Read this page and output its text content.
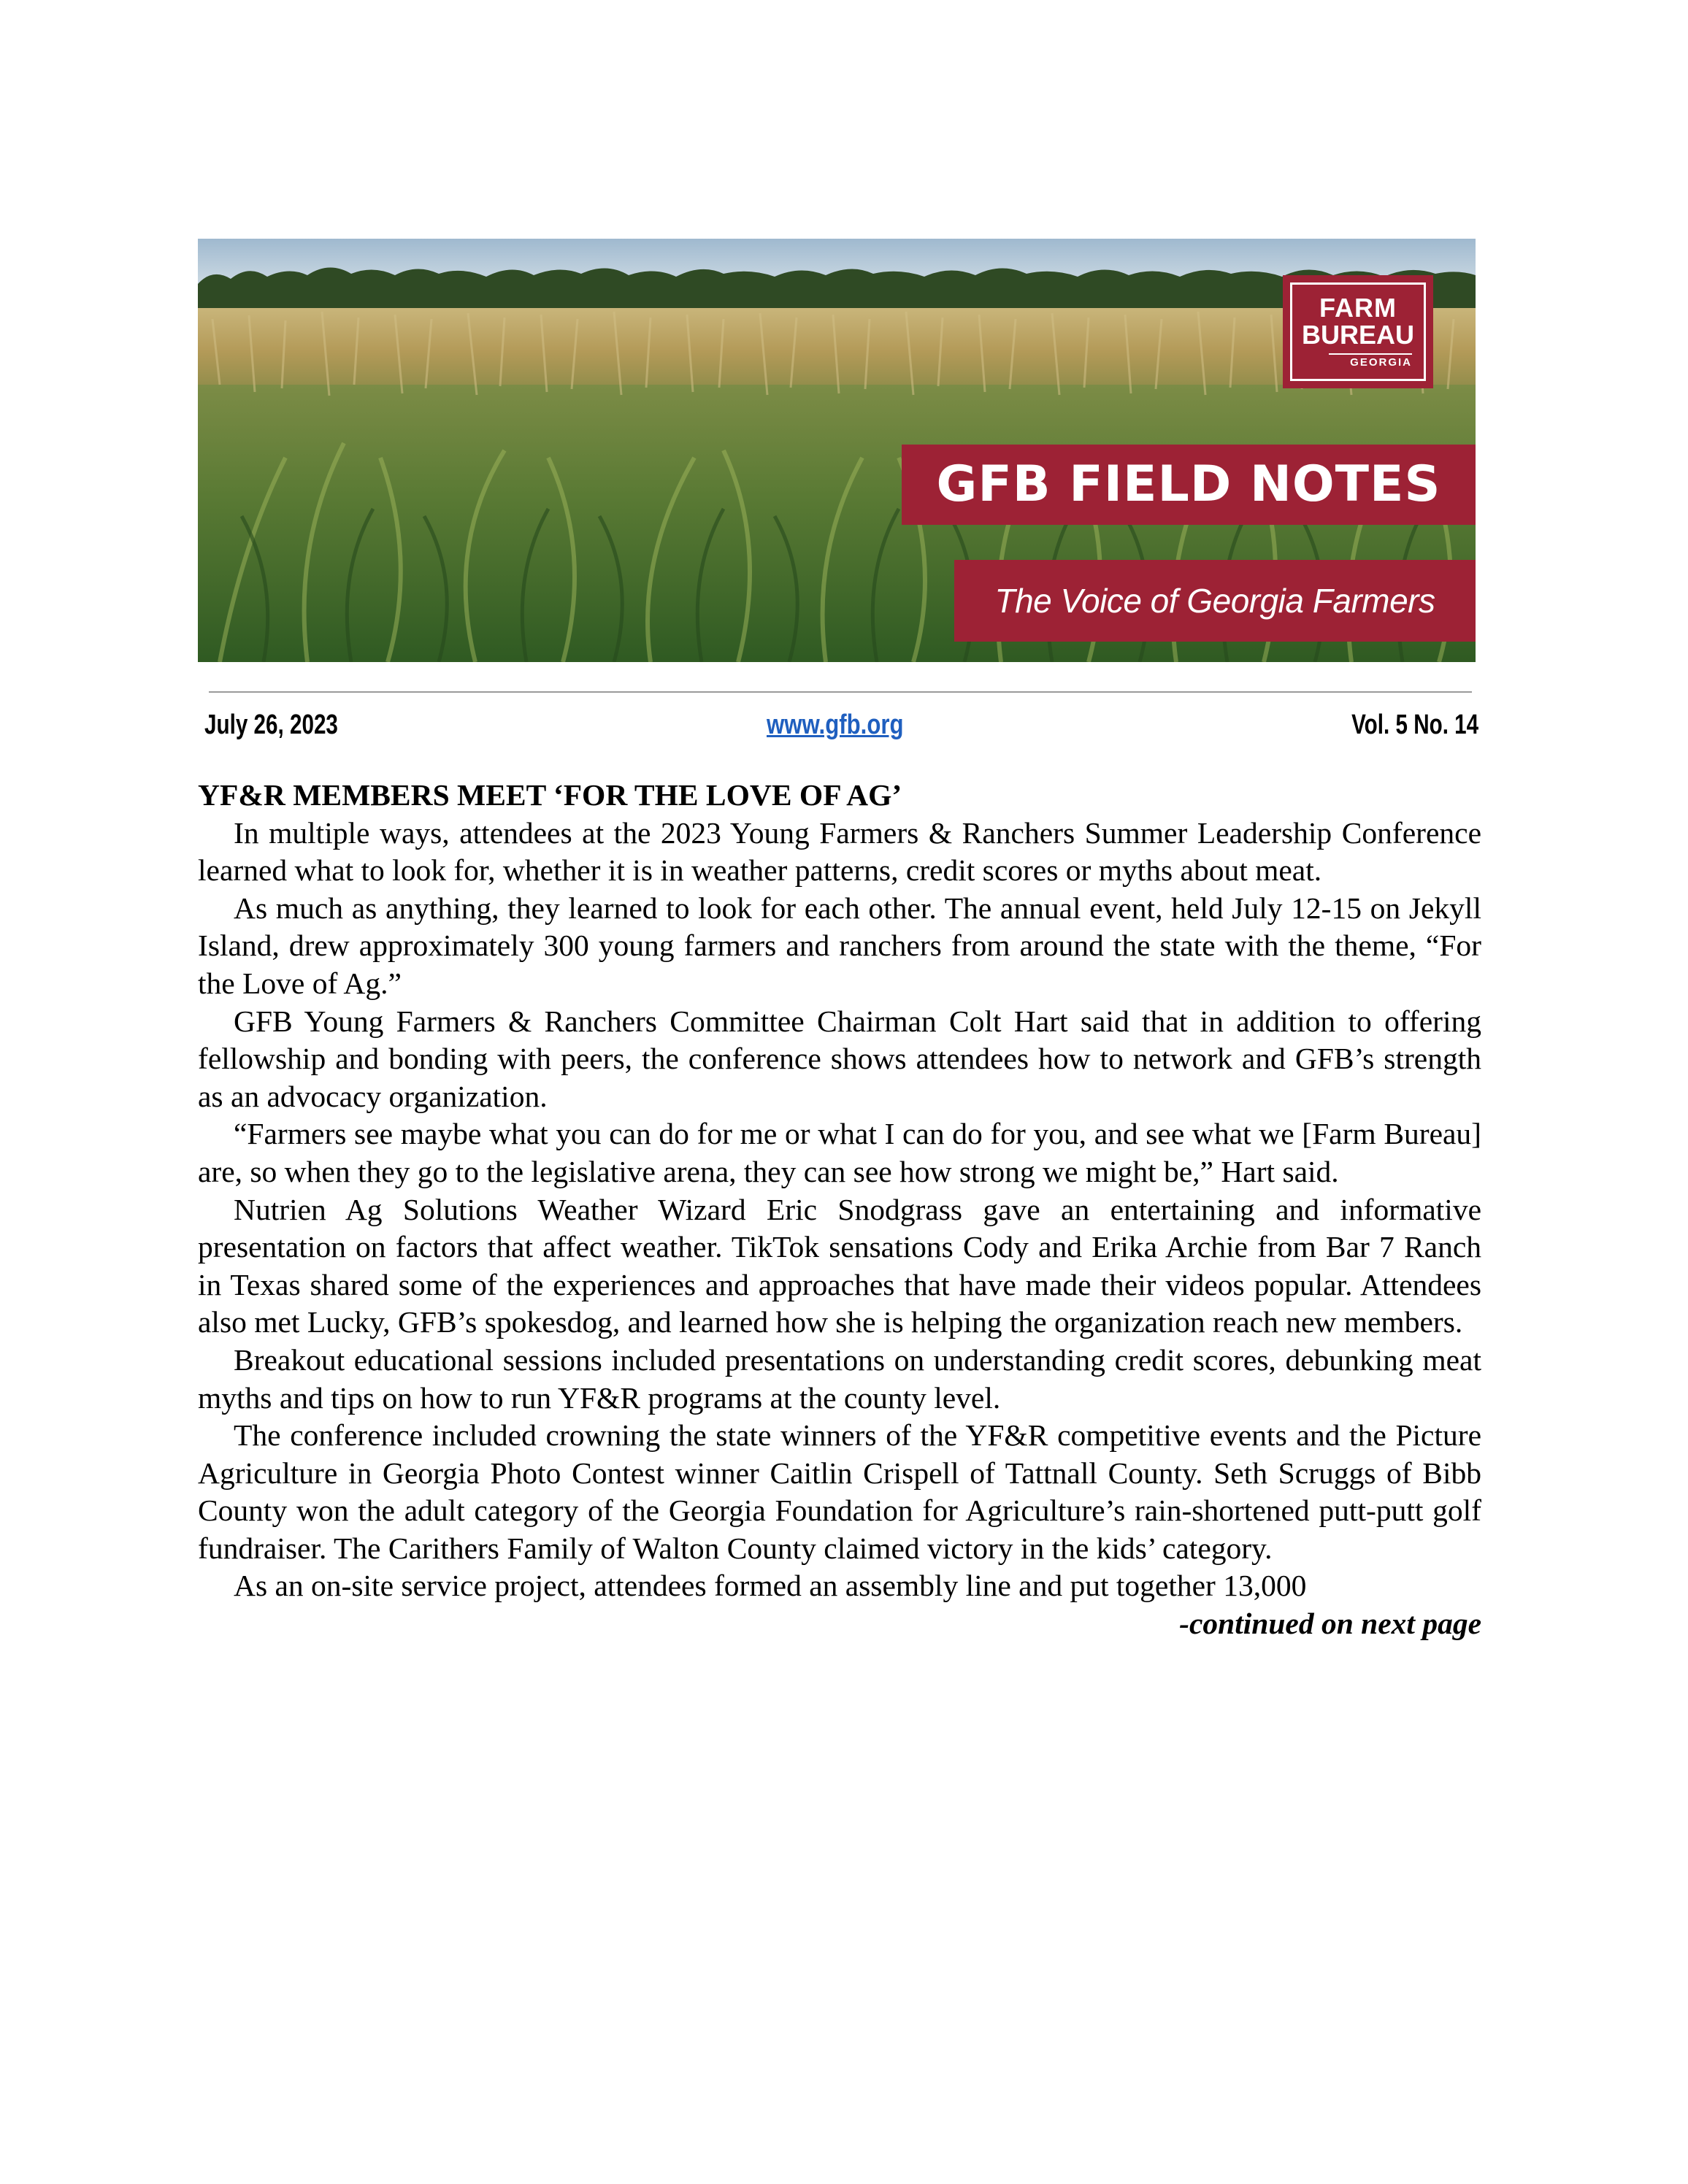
FARM
BUREAU
GEORGIA
GFB FIELD NOTES
The Voice of Georgia Farmers
July 26, 2023	www.gfb.org	Vol. 5 No. 14

YF&R MEMBERS MEET ‘FOR THE LOVE OF AG’

In multiple ways, attendees at the 2023 Young Farmers & Ranchers Summer Leadership Conference learned what to look for, whether it is in weather patterns, credit scores or myths about meat.

As much as anything, they learned to look for each other. The annual event, held July 12-15 on Jekyll Island, drew approximately 300 young farmers and ranchers from around the state with the theme, “For the Love of Ag.”

GFB Young Farmers & Ranchers Committee Chairman Colt Hart said that in addition to offering fellowship and bonding with peers, the conference shows attendees how to network and GFB’s strength as an advocacy organization.

“Farmers see maybe what you can do for me or what I can do for you, and see what we [Farm Bureau] are, so when they go to the legislative arena, they can see how strong we might be,” Hart said.

Nutrien Ag Solutions Weather Wizard Eric Snodgrass gave an entertaining and informative presentation on factors that affect weather. TikTok sensations Cody and Erika Archie from Bar 7 Ranch in Texas shared some of the experiences and approaches that have made their videos popular. Attendees also met Lucky, GFB’s spokesdog, and learned how she is helping the organization reach new members.

Breakout educational sessions included presentations on understanding credit scores, debunking meat myths and tips on how to run YF&R programs at the county level.

The conference included crowning the state winners of the YF&R competitive events and the Picture Agriculture in Georgia Photo Contest winner Caitlin Crispell of Tattnall County. Seth Scruggs of Bibb County won the adult category of the Georgia Foundation for Agriculture’s rain-shortened putt-putt golf fundraiser. The Carithers Family of Walton County claimed victory in the kids’ category.

As an on-site service project, attendees formed an assembly line and put together 13,000

-continued on next page
